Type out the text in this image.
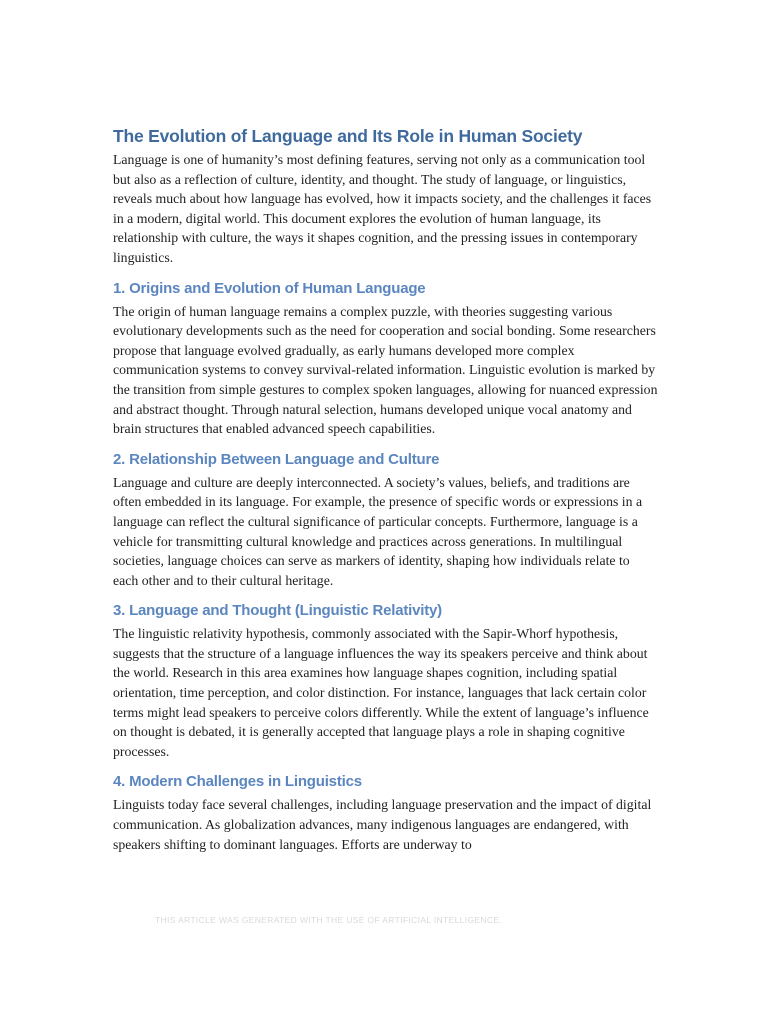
The Evolution of Language and Its Role in Human Society

Language is one of humanity’s most defining features, serving not only as a communication tool but also as a reflection of culture, identity, and thought. The study of language, or linguistics, reveals much about how language has evolved, how it impacts society, and the challenges it faces in a modern, digital world. This document explores the evolution of human language, its relationship with culture, the ways it shapes cognition, and the pressing issues in contemporary linguistics.

1. Origins and Evolution of Human Language

The origin of human language remains a complex puzzle, with theories suggesting various evolutionary developments such as the need for cooperation and social bonding. Some researchers propose that language evolved gradually, as early humans developed more complex communication systems to convey survival-related information. Linguistic evolution is marked by the transition from simple gestures to complex spoken languages, allowing for nuanced expression and abstract thought. Through natural selection, humans developed unique vocal anatomy and brain structures that enabled advanced speech capabilities.

2. Relationship Between Language and Culture

Language and culture are deeply interconnected. A society’s values, beliefs, and traditions are often embedded in its language. For example, the presence of specific words or expressions in a language can reflect the cultural significance of particular concepts. Furthermore, language is a vehicle for transmitting cultural knowledge and practices across generations. In multilingual societies, language choices can serve as markers of identity, shaping how individuals relate to each other and to their cultural heritage.

3. Language and Thought (Linguistic Relativity)

The linguistic relativity hypothesis, commonly associated with the Sapir-Whorf hypothesis, suggests that the structure of a language influences the way its speakers perceive and think about the world. Research in this area examines how language shapes cognition, including spatial orientation, time perception, and color distinction. For instance, languages that lack certain color terms might lead speakers to perceive colors differently. While the extent of language’s influence on thought is debated, it is generally accepted that language plays a role in shaping cognitive processes.

4. Modern Challenges in Linguistics

Linguists today face several challenges, including language preservation and the impact of digital communication. As globalization advances, many indigenous languages are endangered, with speakers shifting to dominant languages. Efforts are underway to

THIS ARTICLE WAS GENERATED WITH THE USE OF ARTIFICIAL INTELLIGENCE.
